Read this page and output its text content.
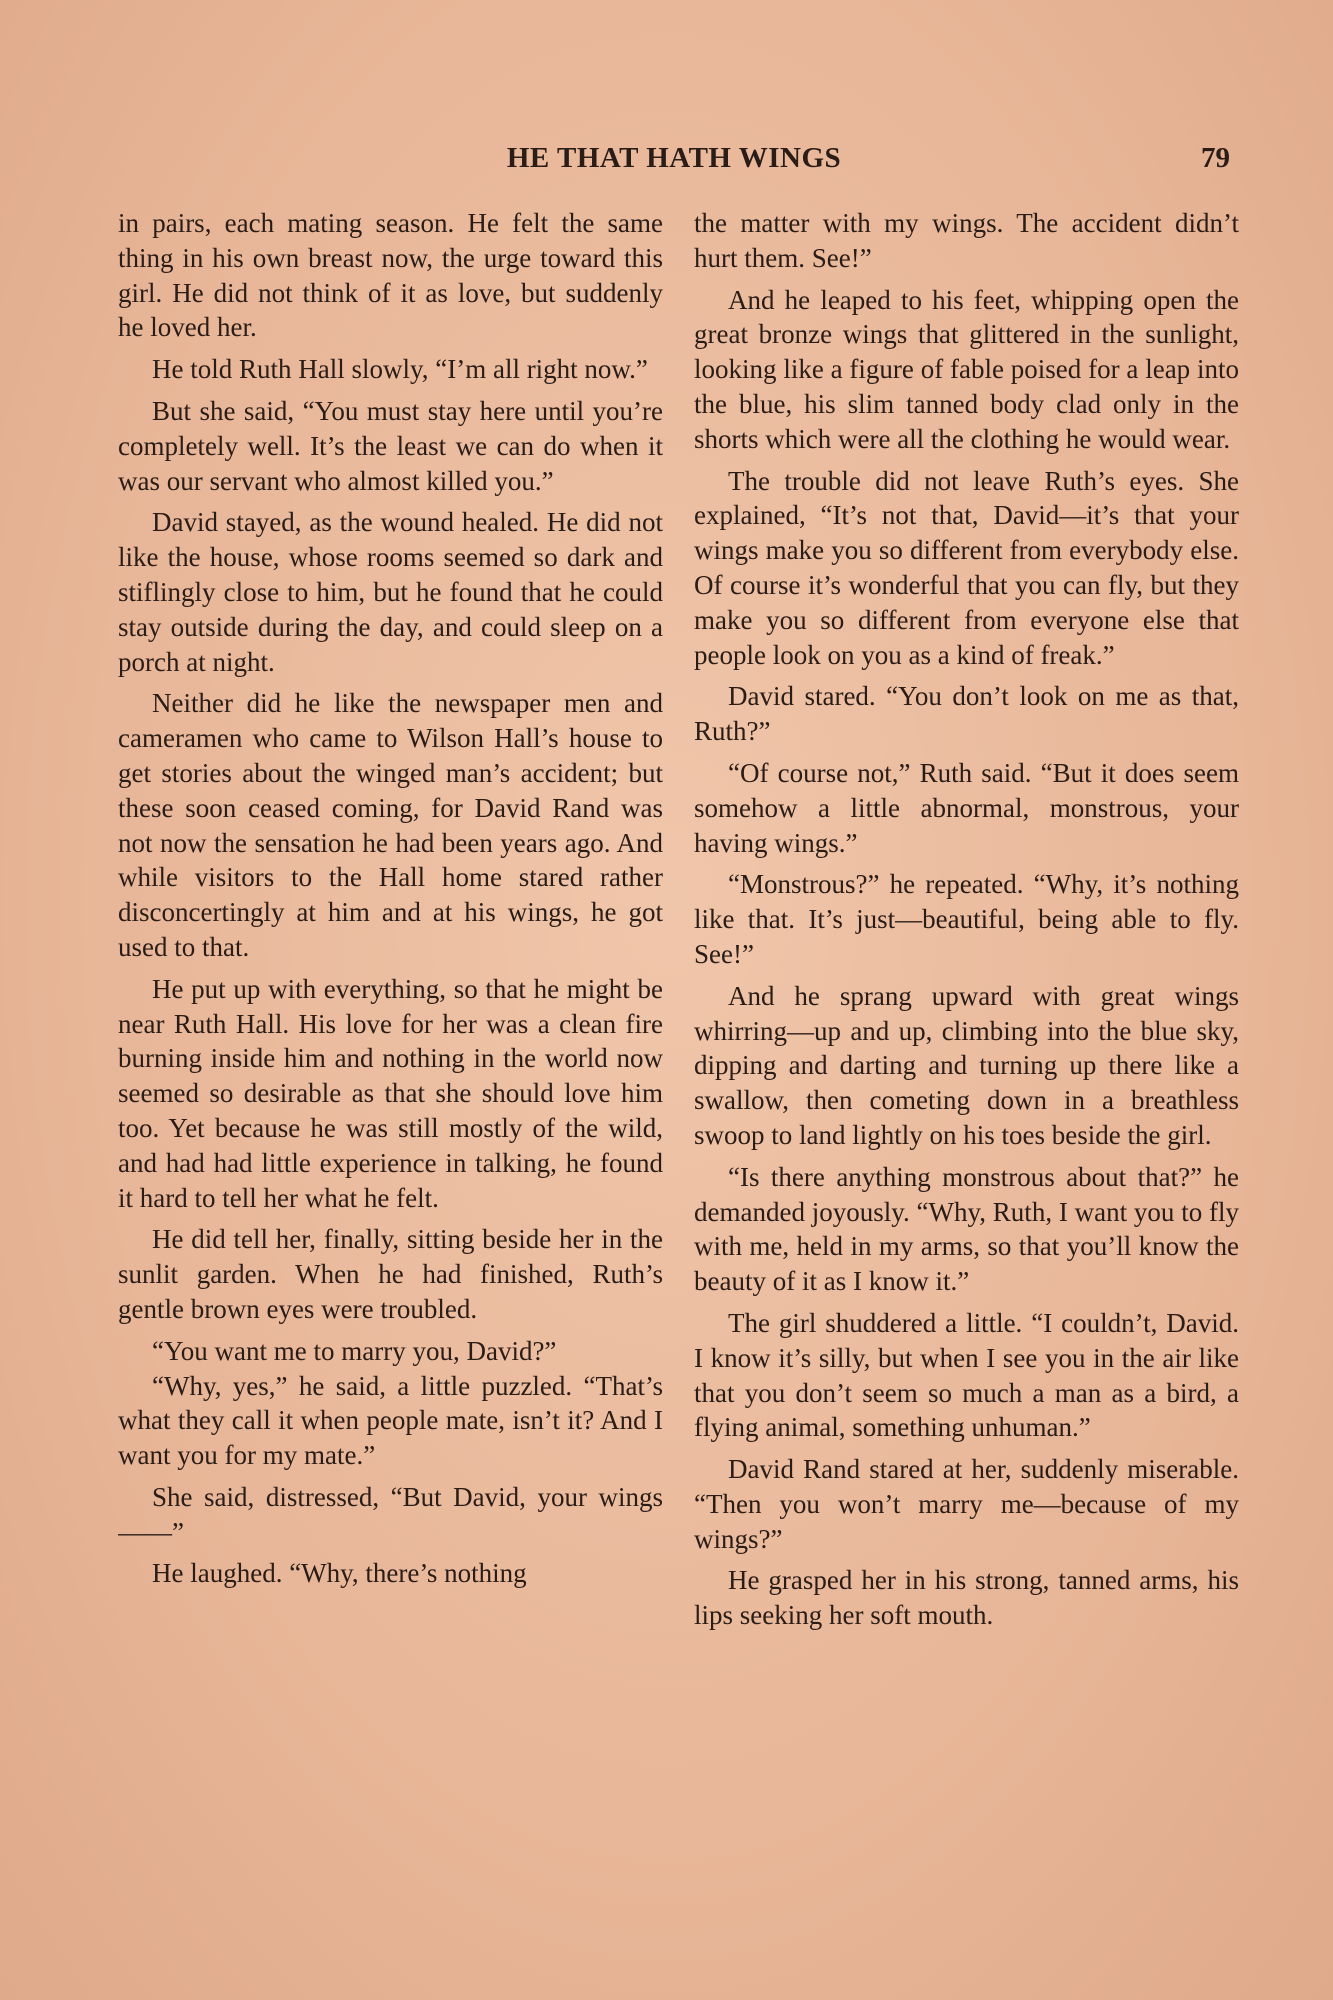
HE THAT HATH WINGS	79

in pairs, each mating season. He felt the same thing in his own breast now, the urge toward this girl. He did not think of it as love, but suddenly he loved her.

He told Ruth Hall slowly, “I’m all right now.”

But she said, “You must stay here until you’re completely well. It’s the least we can do when it was our servant who almost killed you.”

David stayed, as the wound healed. He did not like the house, whose rooms seemed so dark and stiflingly close to him, but he found that he could stay outside during the day, and could sleep on a porch at night.

Neither did he like the newspaper men and cameramen who came to Wilson Hall’s house to get stories about the winged man’s accident; but these soon ceased coming, for David Rand was not now the sensation he had been years ago. And while visitors to the Hall home stared rather disconcertingly at him and at his wings, he got used to that.

He put up with everything, so that he might be near Ruth Hall. His love for her was a clean fire burning inside him and nothing in the world now seemed so desirable as that she should love him too. Yet because he was still mostly of the wild, and had had little experience in talking, he found it hard to tell her what he felt.

He did tell her, finally, sitting beside her in the sunlit garden. When he had finished, Ruth’s gentle brown eyes were troubled.

“You want me to marry you, David?”

“Why, yes,” he said, a little puzzled. “That’s what they call it when people mate, isn’t it? And I want you for my mate.”

She said, distressed, “But David, your wings——”

He laughed. “Why, there’s nothing

the matter with my wings. The accident didn’t hurt them. See!”

And he leaped to his feet, whipping open the great bronze wings that glittered in the sunlight, looking like a figure of fable poised for a leap into the blue, his slim tanned body clad only in the shorts which were all the clothing he would wear.

The trouble did not leave Ruth’s eyes. She explained, “It’s not that, David—it’s that your wings make you so different from everybody else. Of course it’s wonderful that you can fly, but they make you so different from everyone else that people look on you as a kind of freak.”

David stared. “You don’t look on me as that, Ruth?”

“Of course not,” Ruth said. “But it does seem somehow a little abnormal, monstrous, your having wings.”

“Monstrous?” he repeated. “Why, it’s nothing like that. It’s just—beautiful, being able to fly. See!”

And he sprang upward with great wings whirring—up and up, climbing into the blue sky, dipping and darting and turning up there like a swallow, then cometing down in a breathless swoop to land lightly on his toes beside the girl.

“Is there anything monstrous about that?” he demanded joyously. “Why, Ruth, I want you to fly with me, held in my arms, so that you’ll know the beauty of it as I know it.”

The girl shuddered a little. “I couldn’t, David. I know it’s silly, but when I see you in the air like that you don’t seem so much a man as a bird, a flying animal, something unhuman.”

David Rand stared at her, suddenly miserable. “Then you won’t marry me—because of my wings?”

He grasped her in his strong, tanned arms, his lips seeking her soft mouth.
